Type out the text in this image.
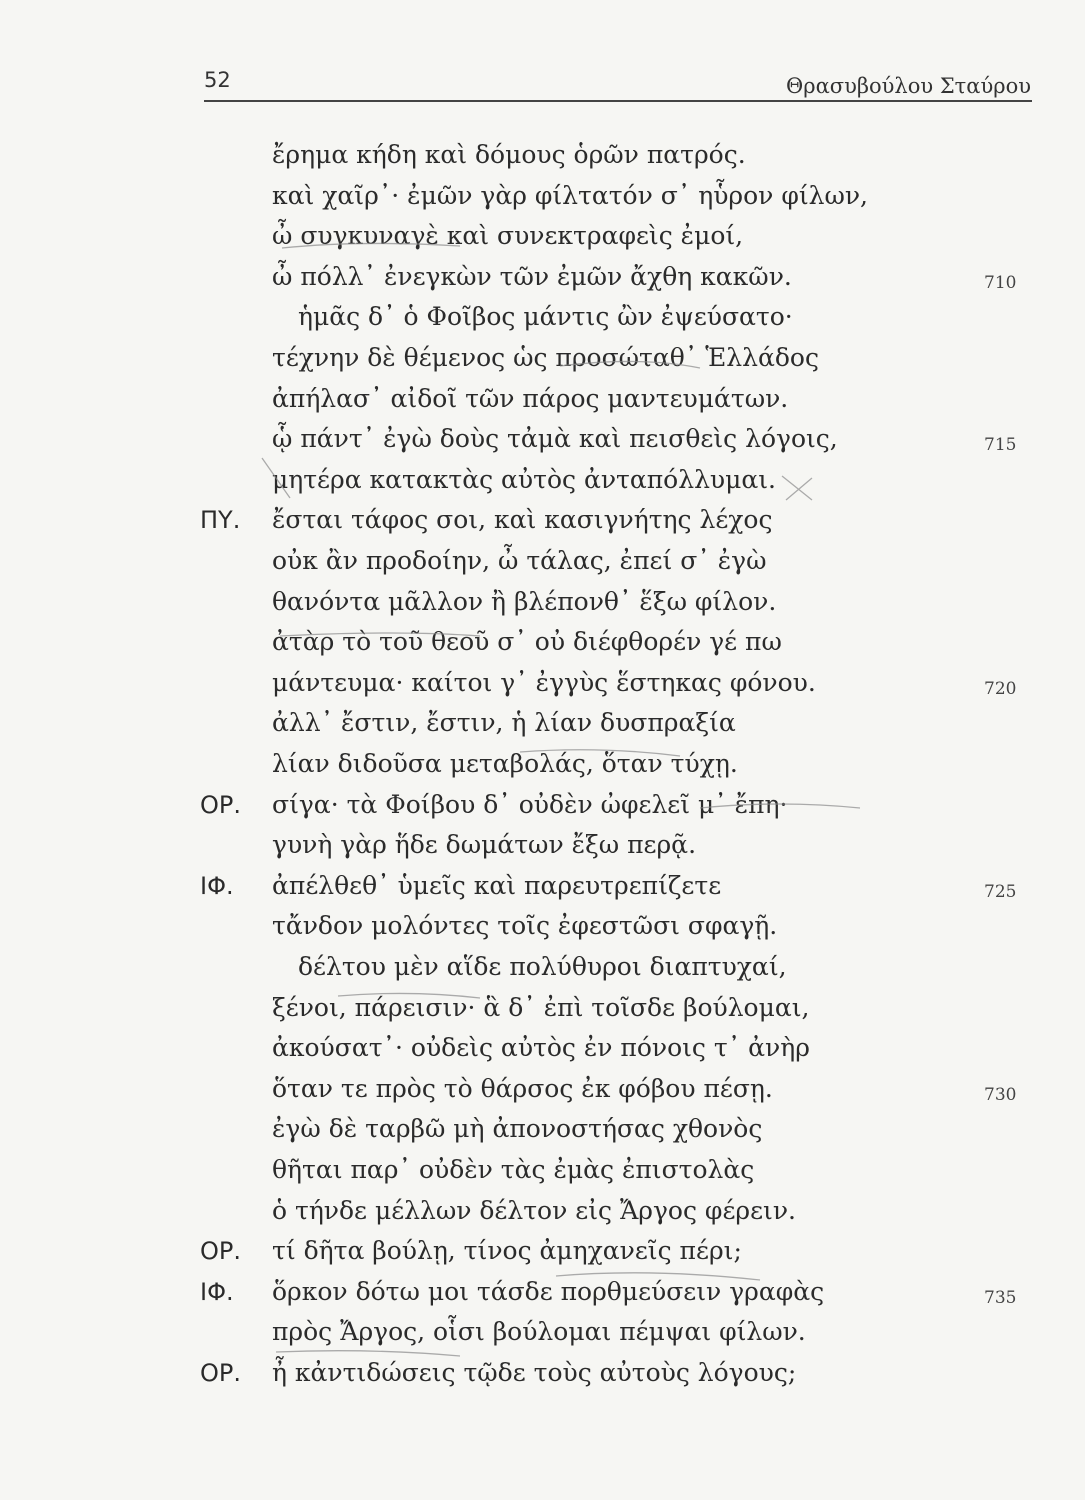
52	Θρασυβούλου Σταύρου
ἔρημα κήδη καὶ δόμους ὁρῶν πατρός.
καὶ χαῖρ᾽· ἐμῶν γὰρ φίλτατόν σ᾽ ηὗρον φίλων,
ὦ συγκυναγὲ καὶ συνεκτραφεὶς ἐμοί,
ὦ πόλλ᾽ ἐνεγκὼν τῶν ἐμῶν ἄχθη κακῶν.	710
ἡμᾶς δ᾽ ὁ Φοῖβος μάντις ὢν ἐψεύσατο·
τέχνην δὲ θέμενος ὡς προσώταθ᾽ Ἑλλάδος
ἀπήλασ᾽ αἰδοῖ τῶν πάρος μαντευμάτων.
ᾧ πάντ᾽ ἐγὼ δοὺς τἀμὰ καὶ πεισθεὶς λόγοις,	715
μητέρα κατακτὰς αὐτὸς ἀνταπόλλυμαι.
ΠΥ. ἔσται τάφος σοι, καὶ κασιγνήτης λέχος
οὐκ ἂν προδοίην, ὦ τάλας, ἐπεί σ᾽ ἐγὼ
θανόντα μᾶλλον ἢ βλέπονθ᾽ ἕξω φίλον.
ἀτὰρ τὸ τοῦ θεοῦ σ᾽ οὐ διέφθορέν γέ πω
μάντευμα· καίτοι γ᾽ ἐγγὺς ἕστηκας φόνου.	720
ἀλλ᾽ ἔστιν, ἔστιν, ἡ λίαν δυσπραξία
λίαν διδοῦσα μεταβολάς, ὅταν τύχῃ.
ΟΡ. σίγα· τὰ Φοίβου δ᾽ οὐδὲν ὠφελεῖ μ᾽ ἔπη·
γυνὴ γὰρ ἥδε δωμάτων ἔξω περᾷ.
ΙΦ. ἀπέλθεθ᾽ ὑμεῖς καὶ παρευτρεπίζετε	725
τἄνδον μολόντες τοῖς ἐφεστῶσι σφαγῇ.
δέλτου μὲν αἵδε πολύθυροι διαπτυχαί,
ξένοι, πάρεισιν· ἃ δ᾽ ἐπὶ τοῖσδε βούλομαι,
ἀκούσατ᾽· οὐδεὶς αὐτὸς ἐν πόνοις τ᾽ ἀνὴρ
ὅταν τε πρὸς τὸ θάρσος ἐκ φόβου πέσῃ.	730
ἐγὼ δὲ ταρβῶ μὴ ἀπονοστήσας χθονὸς
θῆται παρ᾽ οὐδὲν τὰς ἐμὰς ἐπιστολὰς
ὁ τήνδε μέλλων δέλτον εἰς Ἄργος φέρειν.
ΟΡ. τί δῆτα βούλῃ, τίνος ἀμηχανεῖς πέρι;
ΙΦ. ὅρκον δότω μοι τάσδε πορθμεύσειν γραφὰς	735
πρὸς Ἄργος, οἷσι βούλομαι πέμψαι φίλων.
ΟΡ. ἦ κἀντιδώσεις τῷδε τοὺς αὐτοὺς λόγους;
